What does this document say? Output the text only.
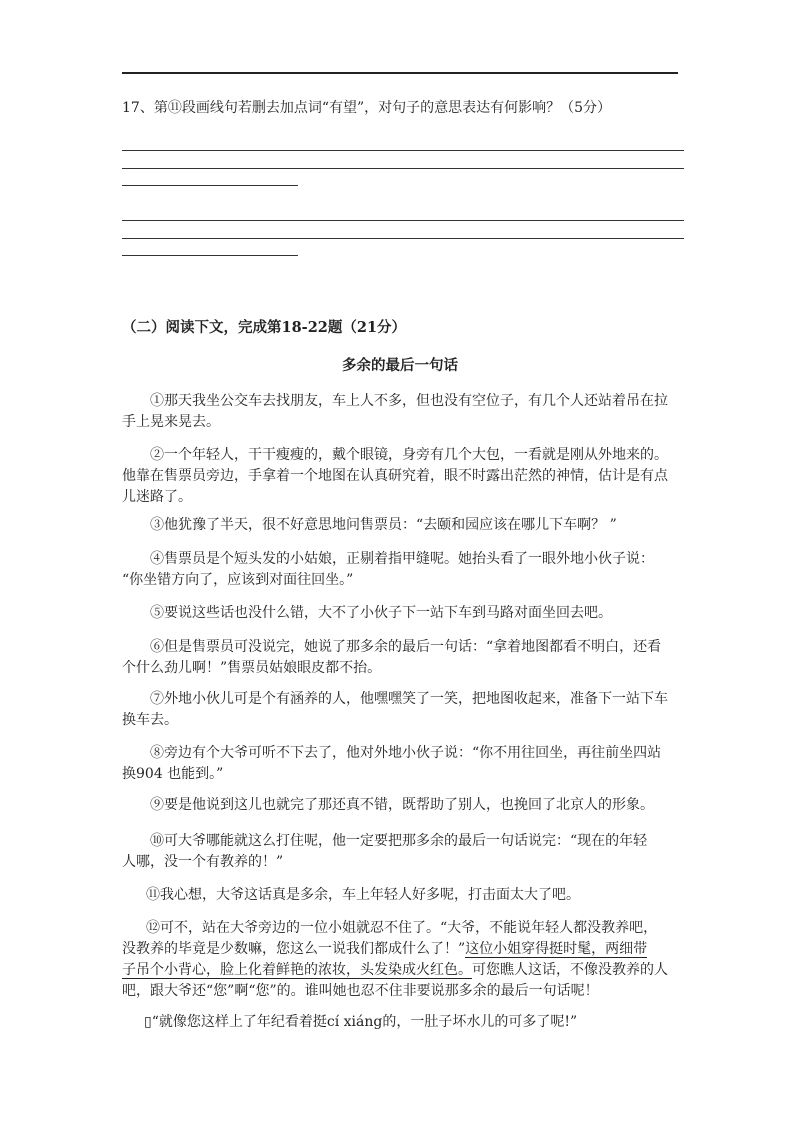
17、第⑪段画线句若删去加点词“有望”，对句子的意思表达有何影响？（5分）
（二）阅读下文，完成第18-22题（21分）
多余的最后一句话
①那天我坐公交车去找朋友，车上人不多，但也没有空位子，有几个人还站着吊在拉
手上晃来晃去。
②一个年轻人，干干瘦瘦的，戴个眼镜，身旁有几个大包，一看就是刚从外地来的。
他靠在售票员旁边，手拿着一个地图在认真研究着，眼不时露出茫然的神情，估计是有点
儿迷路了。
③他犹豫了半天，很不好意思地问售票员：“去颐和园应该在哪儿下车啊？ ”
④售票员是个短头发的小姑娘，正剔着指甲缝呢。她抬头看了一眼外地小伙子说：
“你坐错方向了，应该到对面往回坐。”
⑤要说这些话也没什么错，大不了小伙子下一站下车到马路对面坐回去吧。
⑥但是售票员可没说完，她说了那多余的最后一句话：“拿着地图都看不明白，还看
个什么劲儿啊！”售票员姑娘眼皮都不抬。
⑦外地小伙儿可是个有涵养的人，他嘿嘿笑了一笑，把地图收起来，准备下一站下车
换车去。
⑧旁边有个大爷可听不下去了，他对外地小伙子说：“你不用往回坐，再往前坐四站
换904 也能到。”
⑨要是他说到这儿也就完了那还真不错，既帮助了别人，也挽回了北京人的形象。
⑩可大爷哪能就这么打住呢，他一定要把那多余的最后一句话说完：“现在的年轻
人哪，没一个有教养的！”
⑪我心想，大爷这话真是多余，车上年轻人好多呢，打击面太大了吧。
⑫可不，站在大爷旁边的一位小姐就忍不住了。“大爷，不能说年轻人都没教养吧，
没教养的毕竟是少数嘛，您这么一说我们都成什么了！”这位小姐穿得挺时髦，两细带
子吊个小背心，脸上化着鲜艳的浓妆，头发染成火红色。可您瞧人这话，不像没教养的人
吧，跟大爷还“您”啊“您”的。谁叫她也忍不住非要说那多余的最后一句话呢！
▯“就像您这样上了年纪看着挺cí xiáng的，一肚子坏水儿的可多了呢!”
